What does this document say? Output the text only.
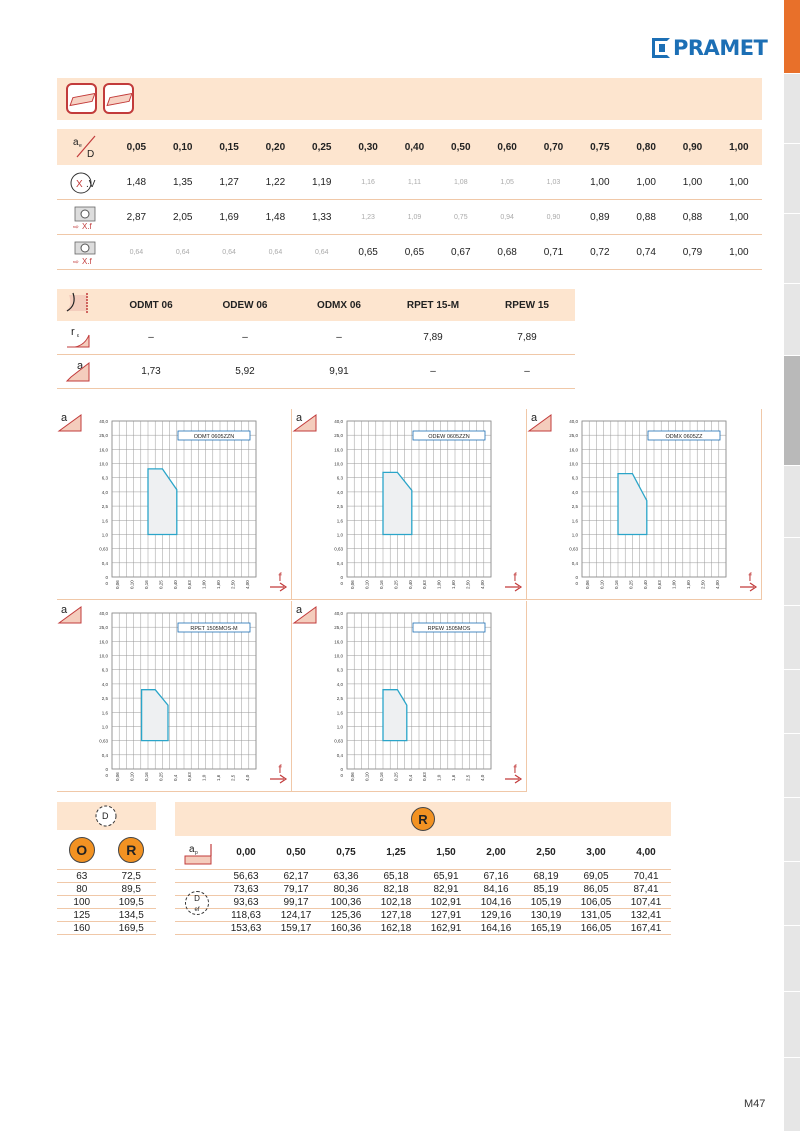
PRAMET
a e
D
0,05	0,10	0,15	0,20	0,25	0,30	0,40	0,50	0,60	0,70	0,75	0,80	0,90	1,00
X .V	1,48	1,35	1,27	1,22	1,19	1,16	1,11	1,08	1,05	1,03	1,00	1,00	1,00	1,00
⇨ X.f
2,87	2,05	1,69	1,48	1,33	1,23	1,09	0,75	0,94	0,90	0,89	0,88	0,88	1,00
⇨ X.f
0,64	0,64	0,64	0,64	0,64	0,65	0,65	0,67	0,68	0,71	0,72	0,74	0,79	1,00
ODMT 06	ODEW 06	ODMX 06	RPET 15-M	RPEW 15
r ε	–	–	–	7,89	7,89
a	1,73	5,92	9,91	–	–
a	40,0
25,0
16,0
10,0
6,3
4,0
2,5
1,6
1,0
0,63
0,4
0
0,06 0,10 0,16 0,25 0,40 0,63 1,00 1,60 2,50 4,00
0
ODMT 0605ZZN
f
a	40,0
25,0
16,0
10,0
6,3
4,0
2,5
1,6
1,0
0,63
0,4
0
0,06 0,10 0,16 0,25 0,40 0,63 1,00 1,60 2,50 4,00
0
ODEW 0605ZZN
f
a	40,0
25,0
16,0
10,0
6,3
4,0
2,5
1,6
1,0
0,63
0,4
0
0,06 0,10 0,16 0,25 0,40 0,63 1,00 1,60 2,50 4,00
0
ODMX 0605ZZ
f
a	40,0
25,0
16,0
10,0
6,3
4,0
2,5
1,6
1,0
0,63
0,4
0
0,06 0,10 0,16 0,25 0,4 0,63 1,0 1,6 2,5 4,0
0
RPET 1505MOS-M
f
a	40,0
25,0
16,0
10,0
6,3
4,0
2,5
1,6
1,0
0,63
0,4
0
0,06 0,10 0,16 0,25 0,4 0,63 1,0 1,6 2,5 4,0
0
RPEW 1505MOS
f
D
O	R
63	72,5
80	89,5
100	109,5
125	134,5
160	169,5
R
a p	0,00	0,50	0,75	1,25	1,50	2,00	2,50	3,00	4,00
56,63	62,17	63,36	65,18	65,91	67,16	68,19	69,05	70,41
73,63	79,17	80,36	82,18	82,91	84,16	85,19	86,05	87,41
93,63	99,17	100,36	102,18	102,91	104,16	105,19	106,05	107,41
118,63	124,17	125,36	127,18	127,91	129,16	130,19	131,05	132,41
153,63	159,17	160,36	162,18	162,91	164,16	165,19	166,05	167,41
D
ef
M47
